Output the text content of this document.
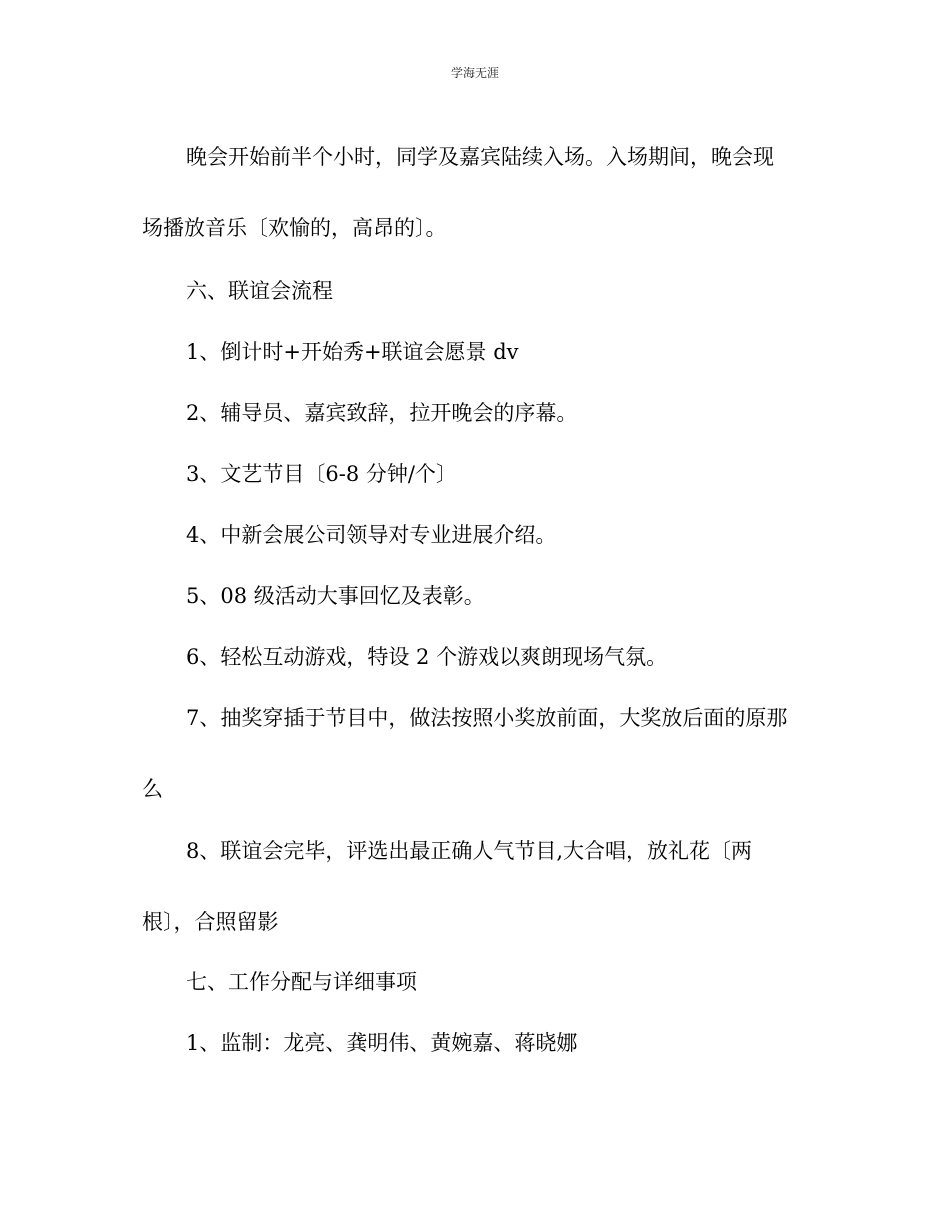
学海无涯
晚会开始前半个小时，同学及嘉宾陆续入场。入场期间，晚会现
场播放音乐〔欢愉的，高昂的〕。
六、联谊会流程
1、倒计时+开始秀+联谊会愿景 dv
2、辅导员、嘉宾致辞，拉开晚会的序幕。
3、文艺节目〔6-8 分钟/个〕
4、中新会展公司领导对专业进展介绍。
5、08 级活动大事回忆及表彰。
6、轻松互动游戏，特设 2 个游戏以爽朗现场气氛。
7、抽奖穿插于节目中，做法按照小奖放前面，大奖放后面的原那
么
8、联谊会完毕，评选出最正确人气节目,大合唱，放礼花〔两
根〕，合照留影
七、工作分配与详细事项
1、监制：龙亮、龚明伟、黄婉嘉、蒋晓娜
